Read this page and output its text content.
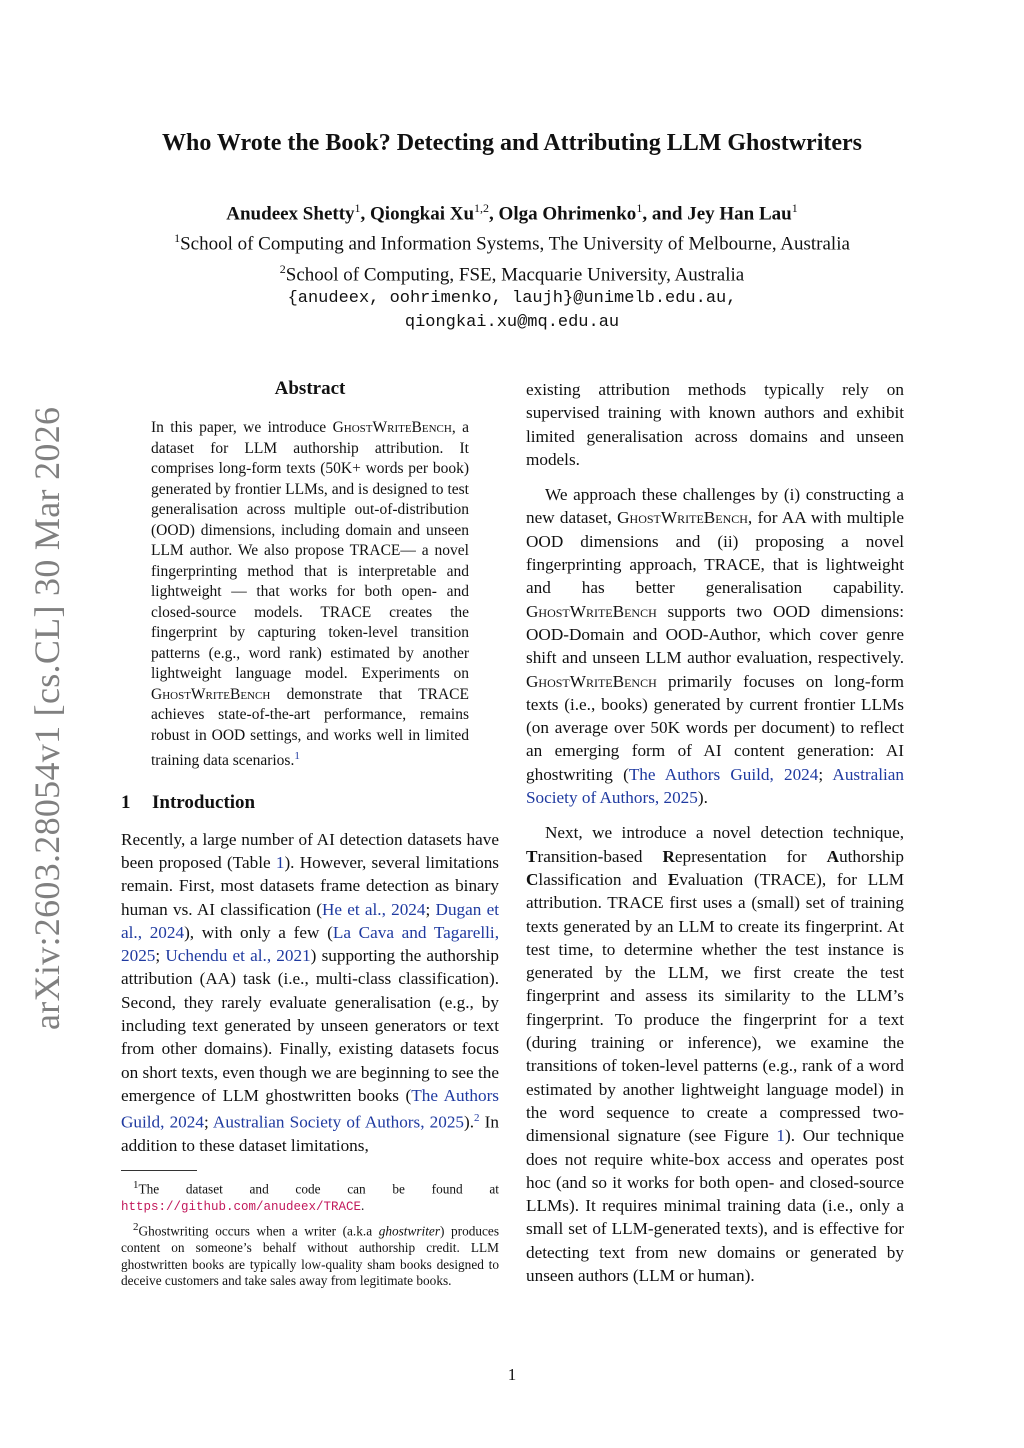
arXiv:2603.28054v1 [cs.CL] 30 Mar 2026
Who Wrote the Book? Detecting and Attributing LLM Ghostwriters
Anudeex Shetty$^1$, Qiongkai Xu$^{1,2}$, Olga Ohrimenko$^1$, and Jey Han Lau$^1$
$^1$School of Computing and Information Systems, The University of Melbourne, Australia
$^2$School of Computing, FSE, Macquarie University, Australia
{anudeex, oohrimenko, laujh}@unimelb.edu.au,
qiongkai.xu@mq.edu.au
Abstract
In this paper, we introduce GhostWriteBench, a dataset for LLM authorship attribution. It comprises long-form texts (50K+ words per book) generated by frontier LLMs, and is designed to test generalisation across multiple out-of-distribution (OOD) dimensions, including domain and unseen LLM author. We also propose TRACE— a novel fingerprinting method that is interpretable and lightweight — that works for both open- and closed-source models. TRACE creates the fingerprint by capturing token-level transition patterns (e.g., word rank) estimated by another lightweight language model. Experiments on GhostWriteBench demonstrate that TRACE achieves state-of-the-art performance, remains robust in OOD settings, and works well in limited training data scenarios.$^1$
1 Introduction

Recently, a large number of AI detection datasets have been proposed (Table 1). However, several limitations remain. First, most datasets frame detection as binary human vs. AI classification (He et al., 2024; Dugan et al., 2024), with only a few (La Cava and Tagarelli, 2025; Uchendu et al., 2021) supporting the authorship attribution (AA) task (i.e., multi-class classification). Second, they rarely evaluate generalisation (e.g., by including text generated by unseen generators or text from other domains). Finally, existing datasets focus on short texts, even though we are beginning to see the emergence of LLM ghostwritten books (The Authors Guild, 2024; Australian Society of Authors, 2025).$^2$ In addition to these dataset limitations,

$^1$The dataset and code can be found at https://github.com/anudeex/TRACE.

$^2$Ghostwriting occurs when a writer (a.k.a ghostwriter) produces content on someone’s behalf without authorship credit. LLM ghostwritten books are typically low-quality sham books designed to deceive customers and take sales away from legitimate books.

existing attribution methods typically rely on supervised training with known authors and exhibit limited generalisation across domains and unseen models.

We approach these challenges by (i) constructing a new dataset, GhostWriteBench, for AA with multiple OOD dimensions and (ii) proposing a novel fingerprinting approach, TRACE, that is lightweight and has better generalisation capability. GhostWriteBench supports two OOD dimensions: OOD-Domain and OOD-Author, which cover genre shift and unseen LLM author evaluation, respectively. GhostWriteBench primarily focuses on long-form texts (i.e., books) generated by current frontier LLMs (on average over 50K words per document) to reflect an emerging form of AI content generation: AI ghostwriting (The Authors Guild, 2024; Australian Society of Authors, 2025).

Next, we introduce a novel detection technique, Transition-based Representation for Authorship Classification and Evaluation (TRACE), for LLM attribution. TRACE first uses a (small) set of training texts generated by an LLM to create its fingerprint. At test time, to determine whether the test instance is generated by the LLM, we first create the test fingerprint and assess its similarity to the LLM’s fingerprint. To produce the fingerprint for a text (during training or inference), we examine the transitions of token-level patterns (e.g., rank of a word estimated by another lightweight language model) in the word sequence to create a compressed two-dimensional signature (see Figure 1). Our technique does not require white-box access and operates post hoc (and so it works for both open- and closed-source LLMs). It requires minimal training data (i.e., only a small set of LLM-generated texts), and is effective for detecting text from new domains or generated by unseen authors (LLM or human).

1
